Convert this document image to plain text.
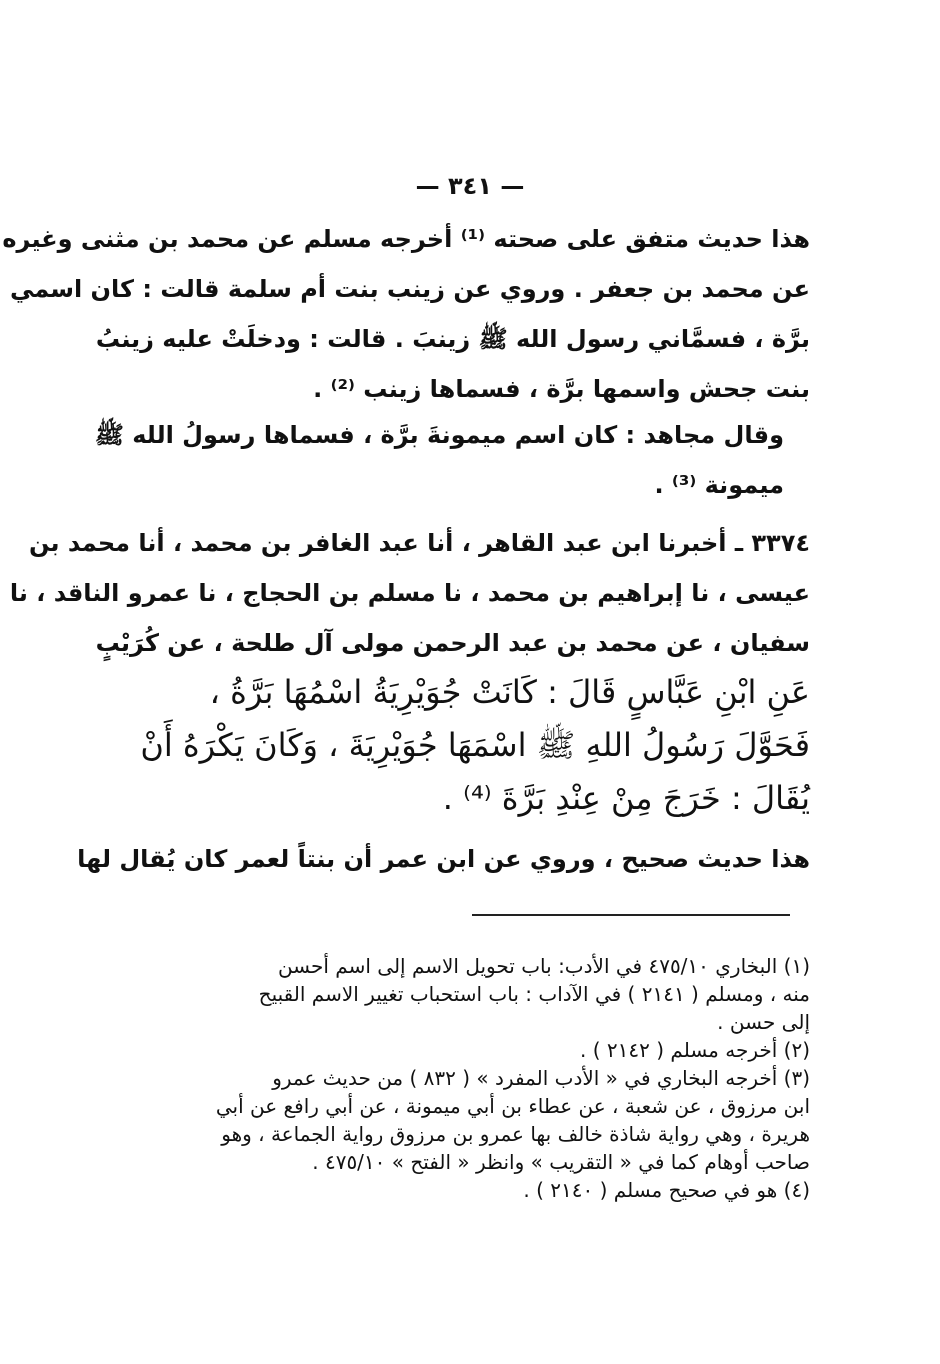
— ٣٤١ —
هذا حديث متفق على صحته ⁽¹⁾ أخرجه مسلم عن محمد بن مثنى وغيره
عن محمد بن جعفر . وروي عن زينب بنت أم سلمة قالت : كان اسمي
برَّة ، فسمَّاني رسول الله ﷺ زينبَ . قالت : ودخلَتْ عليه زينبُ
بنت جحش واسمها برَّة ، فسماها زينب ⁽²⁾ .
وقال مجاهد : كان اسم ميمونةَ برَّة ، فسماها رسولُ الله ﷺ
ميمونة ⁽³⁾ .
٣٣٧٤ ـ أخبرنا ابن عبد القاهر ، أنا عبد الغافر بن محمد ، أنا محمد بن
عيسى ، نا إبراهيم بن محمد ، نا مسلم بن الحجاج ، نا عمرو الناقد ، نا
سفيان ، عن محمد بن عبد الرحمن مولى آل طلحة ، عن كُرَيْبٍ
عَنِ ابْنِ عَبَّاسٍ قَالَ : كَانَتْ جُوَيْرِيَةُ اسْمُهَا بَرَّةُ ،
فَحَوَّلَ رَسُولُ اللهِ ﷺ اسْمَهَا جُوَيْرِيَةَ ، وَكَانَ يَكْرَهُ أَنْ
يُقَالَ : خَرَجَ مِنْ عِنْدِ بَرَّةَ ⁽⁴⁾ .
هذا حديث صحيح ، وروي عن ابن عمر أن بنتاً لعمر كان يُقال لها
(١) البخاري ٤٧٥/١٠ في الأدب: باب تحويل الاسم إلى اسم أحسن
منه ، ومسلم ( ٢١٤١ ) في الآداب : باب استحباب تغيير الاسم القبيح
إلى حسن .
(٢) أخرجه مسلم ( ٢١٤٢ ) .
(٣) أخرجه البخاري في « الأدب المفرد » ( ٨٣٢ ) من حديث عمرو
ابن مرزوق ، عن شعبة ، عن عطاء بن أبي ميمونة ، عن أبي رافع عن أبي
هريرة ، وهي رواية شاذة خالف بها عمرو بن مرزوق رواية الجماعة ، وهو
صاحب أوهام كما في « التقريب » وانظر « الفتح » ٤٧٥/١٠ .
(٤) هو في صحيح مسلم ( ٢١٤٠ ) .
